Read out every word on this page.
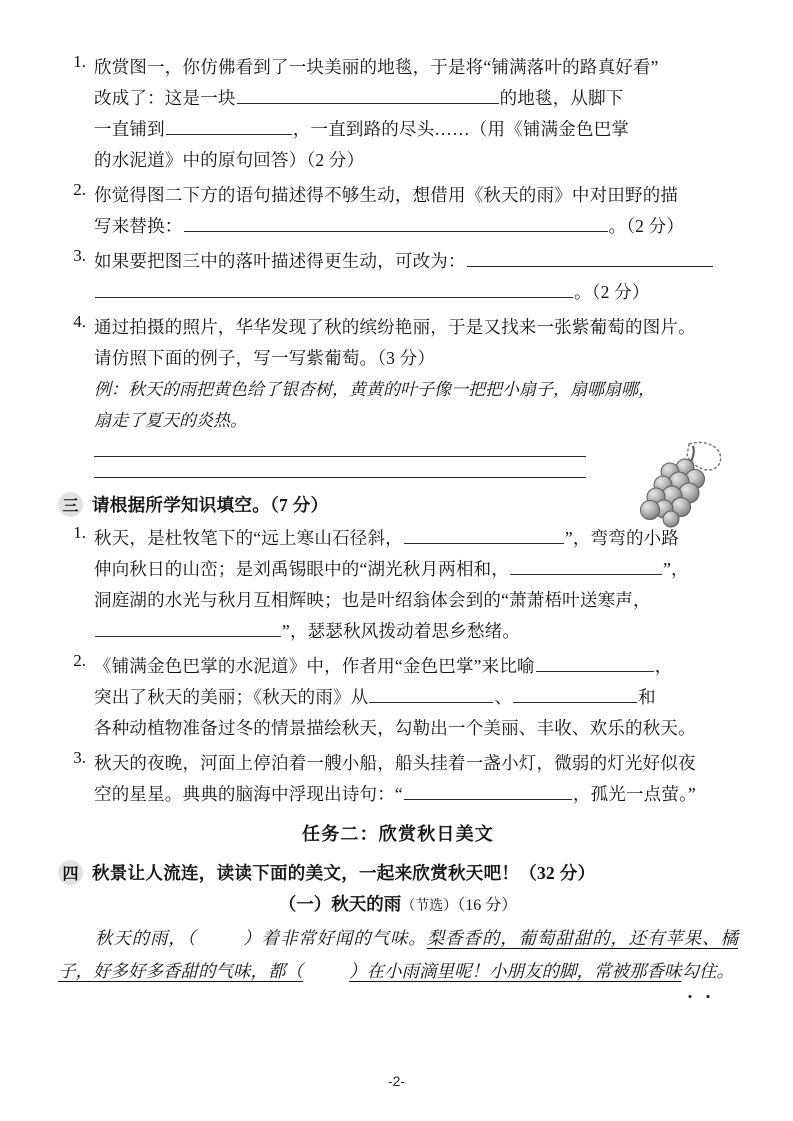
1. 欣赏图一，你仿佛看到了一块美丽的地毯，于是将“铺满落叶的路真好看”
改成了：这是一块	的地毯，从脚下
一直铺到	，一直到路的尽头……（用《铺满金色巴掌
的水泥道》中的原句回答）（2 分）
2. 你觉得图二下方的语句描述得不够生动，想借用《秋天的雨》中对田野的描
写来替换：	。（2 分）
3. 如果要把图三中的落叶描述得更生动，可改为：
。（2 分）
4. 通过拍摄的照片，华华发现了秋的缤纷艳丽，于是又找来一张紫葡萄的图片。
请仿照下面的例子，写一写紫葡萄。（3 分）
例：秋天的雨把黄色给了银杏树，黄黄的叶子像一把把小扇子，扇哪扇哪，
扇走了夏天的炎热。
三 请根据所学知识填空。（7 分）
1. 秋天，是杜牧笔下的“远上寒山石径斜，	”，弯弯的小路
伸向秋日的山峦；是刘禹锡眼中的“湖光秋月两相和，	”，
洞庭湖的水光与秋月互相辉映；也是叶绍翁体会到的“萧萧梧叶送寒声，
”，瑟瑟秋风拨动着思乡愁绪。
2. 《铺满金色巴掌的水泥道》中，作者用“金色巴掌”来比喻	，
突出了秋天的美丽；《秋天的雨》从	、	和
各种动植物准备过冬的情景描绘秋天，勾勒出一个美丽、丰收、欢乐的秋天。
3. 秋天的夜晚，河面上停泊着一艘小船，船头挂着一盏小灯，微弱的灯光好似夜
空的星星。典典的脑海中浮现出诗句：“	，孤光一点萤。”
任务二：欣赏秋日美文
四 秋景让人流连，读读下面的美文，一起来欣赏秋天吧！（32 分）
（一）秋天的雨（节选）（16 分）
秋天的雨，（	）着非常好闻的气味。梨香香的，葡萄甜甜的，还有苹果、橘子，好多好多香甜的气味，都（	）在小雨滴里呢！小朋友的脚，常被那香味勾住。
-2-
